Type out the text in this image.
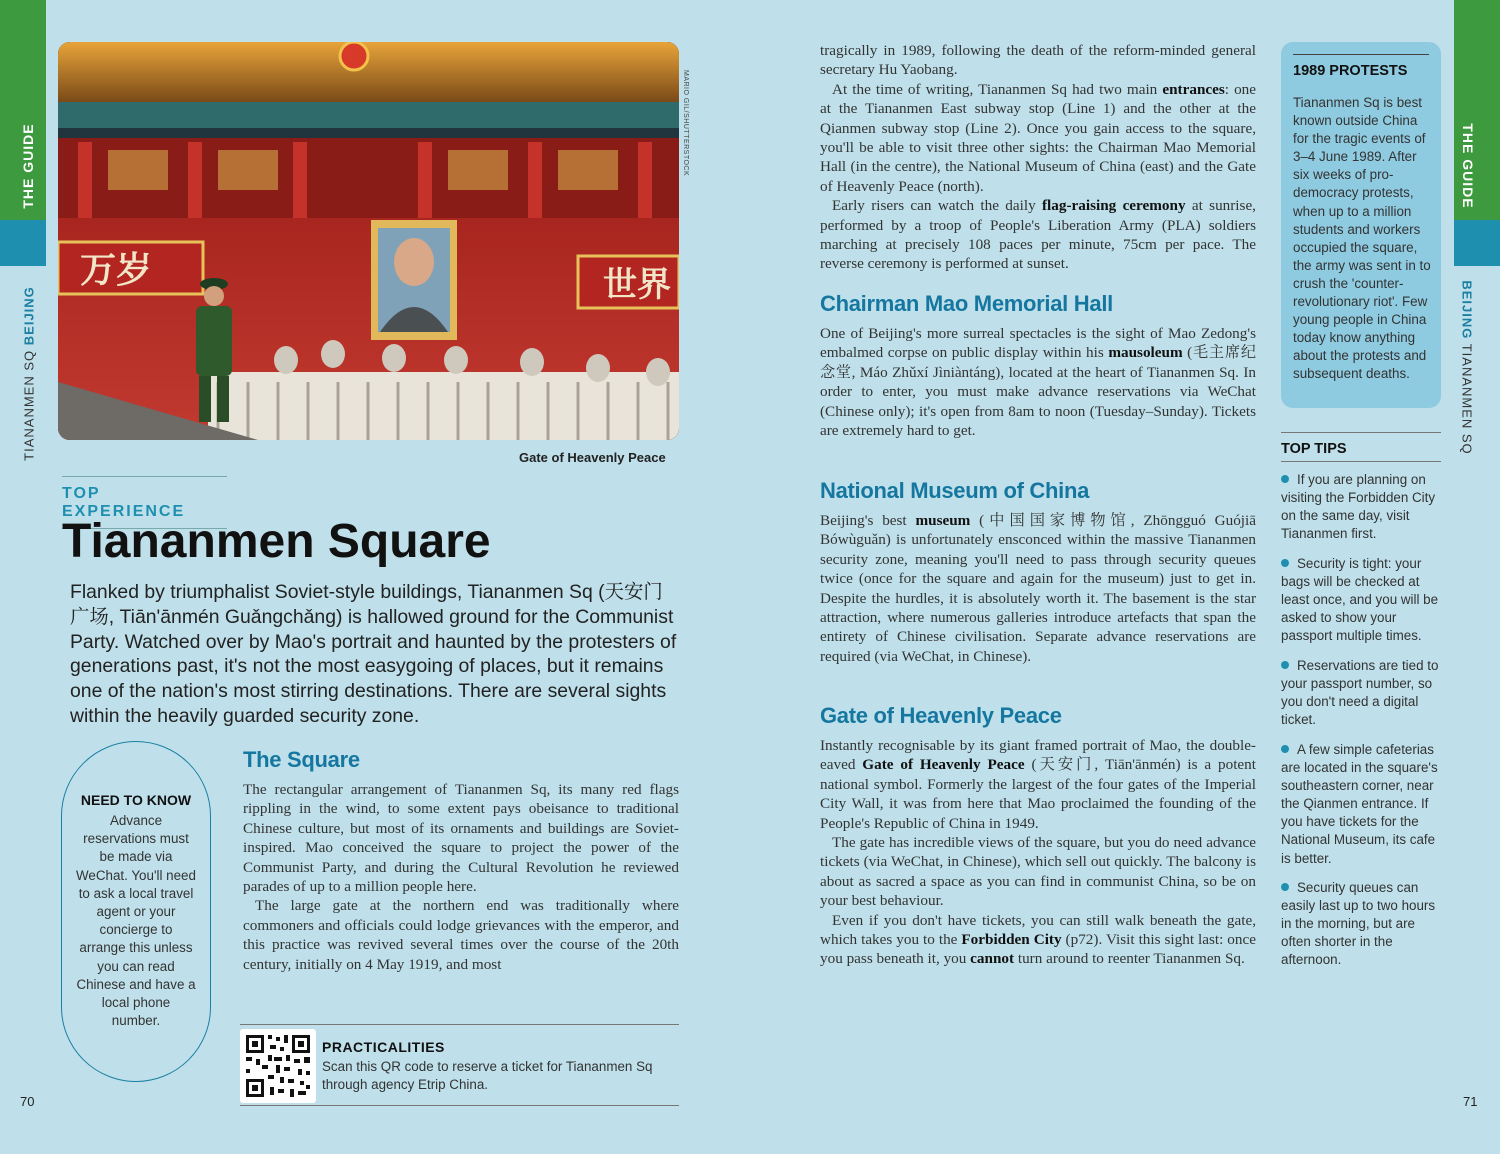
THE GUIDE
TIANANMEN SQ BEIJING
THE GUIDE
BEIJING TIANANMEN SQ
万岁	世界
MARIO GIL/SHUTTERSTOCK
Gate of Heavenly Peace
TOP EXPERIENCE
Tiananmen Square
Flanked by triumphalist Soviet-style buildings, Tiananmen Sq (天安门广场, Tiān'ānmén Guǎngchǎng) is hallowed ground for the Communist Party. Watched over by Mao's portrait and haunted by the protesters of generations past, it's not the most easygoing of places, but it remains one of the nation's most stirring destinations. There are several sights within the heavily guarded security zone.
NEED TO KNOW
Advance reservations must be made via WeChat. You'll need to ask a local travel agent or your concierge to arrange this unless you can read Chinese and have a local phone number.
The Square

The rectangular arrangement of Tiananmen Sq, its many red flags rippling in the wind, to some extent pays obeisance to traditional Chinese culture, but most of its ornaments and buildings are Soviet-inspired. Mao conceived the square to project the power of the Communist Party, and during the Cultural Revolution he reviewed parades of up to a million people here.

The large gate at the northern end was traditionally where commoners and officials could lodge grievances with the emperor, and this practice was revived several times over the course of the 20th century, initially on 4 May 1919, and most

PRACTICALITIES
Scan this QR code to reserve a ticket for Tiananmen Sq through agency Etrip China.
70	71

tragically in 1989, following the death of the reform-minded general secretary Hu Yaobang.

At the time of writing, Tiananmen Sq had two main entrances: one at the Tiananmen East subway stop (Line 1) and the other at the Qianmen subway stop (Line 2). Once you gain access to the square, you'll be able to visit three other sights: the Chairman Mao Memorial Hall (in the centre), the National Museum of China (east) and the Gate of Heavenly Peace (north).

Early risers can watch the daily flag-raising ceremony at sunrise, performed by a troop of People's Liberation Army (PLA) soldiers marching at precisely 108 paces per minute, 75cm per pace. The reverse ceremony is performed at sunset.

Chairman Mao Memorial Hall

One of Beijing's more surreal spectacles is the sight of Mao Zedong's embalmed corpse on public display within his mausoleum (毛主席纪念堂, Máo Zhǔxí Jìniàntáng), located at the heart of Tiananmen Sq. In order to enter, you must make advance reservations via WeChat (Chinese only); it's open from 8am to noon (Tuesday–Sunday). Tickets are extremely hard to get.

National Museum of China

Beijing's best museum (中国国家博物馆, Zhōngguó Guójiā Bówùguǎn) is unfortunately ensconced within the massive Tiananmen security zone, meaning you'll need to pass through security queues twice (once for the square and again for the museum) just to get in. Despite the hurdles, it is absolutely worth it. The basement is the star attraction, where numerous galleries introduce artefacts that span the entirety of Chinese civilisation. Separate advance reservations are required (via WeChat, in Chinese).

Gate of Heavenly Peace

Instantly recognisable by its giant framed portrait of Mao, the double-eaved Gate of Heavenly Peace (天安门, Tiān'ānmén) is a potent national symbol. Formerly the largest of the four gates of the Imperial City Wall, it was from here that Mao proclaimed the founding of the People's Republic of China in 1949.

The gate has incredible views of the square, but you do need advance tickets (via WeChat, in Chinese), which sell out quickly. The balcony is about as sacred a space as you can find in communist China, so be on your best behaviour.

Even if you don't have tickets, you can still walk beneath the gate, which takes you to the Forbidden City (p72). Visit this sight last: once you pass beneath it, you cannot turn around to reenter Tiananmen Sq.

1989 PROTESTS
Tiananmen Sq is best known outside China for the tragic events of 3–4 June 1989. After six weeks of pro-democracy protests, when up to a million students and workers occupied the square, the army was sent in to crush the 'counter-revolutionary riot'. Few young people in China today know anything about the protests and subsequent deaths.
TOP TIPS
If you are planning on visiting the Forbidden City on the same day, visit Tiananmen first.
Security is tight: your bags will be checked at least once, and you will be asked to show your passport multiple times.
Reservations are tied to your passport number, so you don't need a digital ticket.
A few simple cafeterias are located in the square's southeastern corner, near the Qianmen entrance. If you have tickets for the National Museum, its cafe is better.
Security queues can easily last up to two hours in the morning, but are often shorter in the afternoon.
